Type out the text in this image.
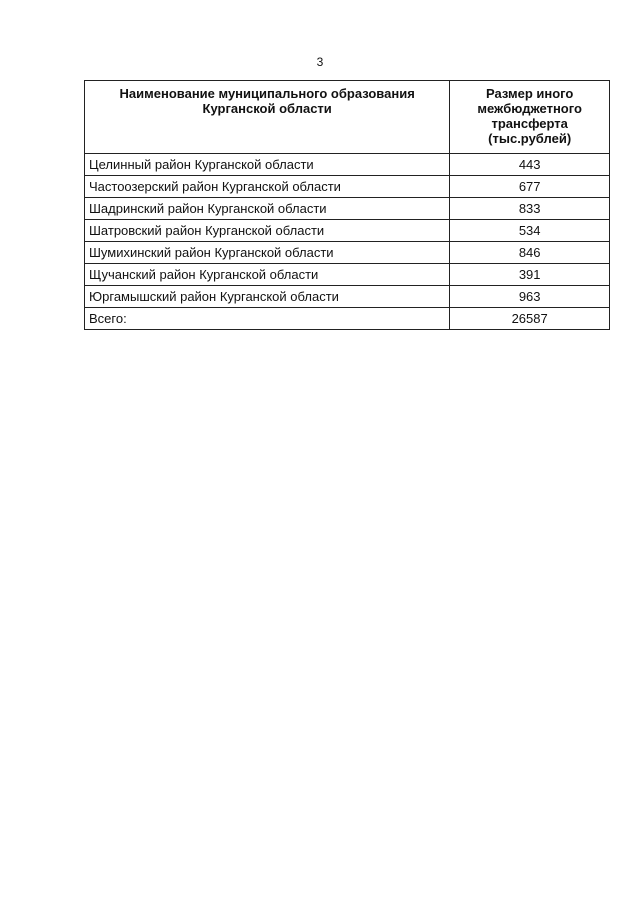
3
Наименование муниципального образования Курганской области	Размер иного межбюджетного трансферта (тыс.рублей)
Целинный район Курганской области	443
Частоозерский район Курганской области	677
Шадринский район Курганской области	833
Шатровский район Курганской области	534
Шумихинский район Курганской области	846
Щучанский район Курганской области	391
Юргамышский район Курганской области	963
Всего:	26587
